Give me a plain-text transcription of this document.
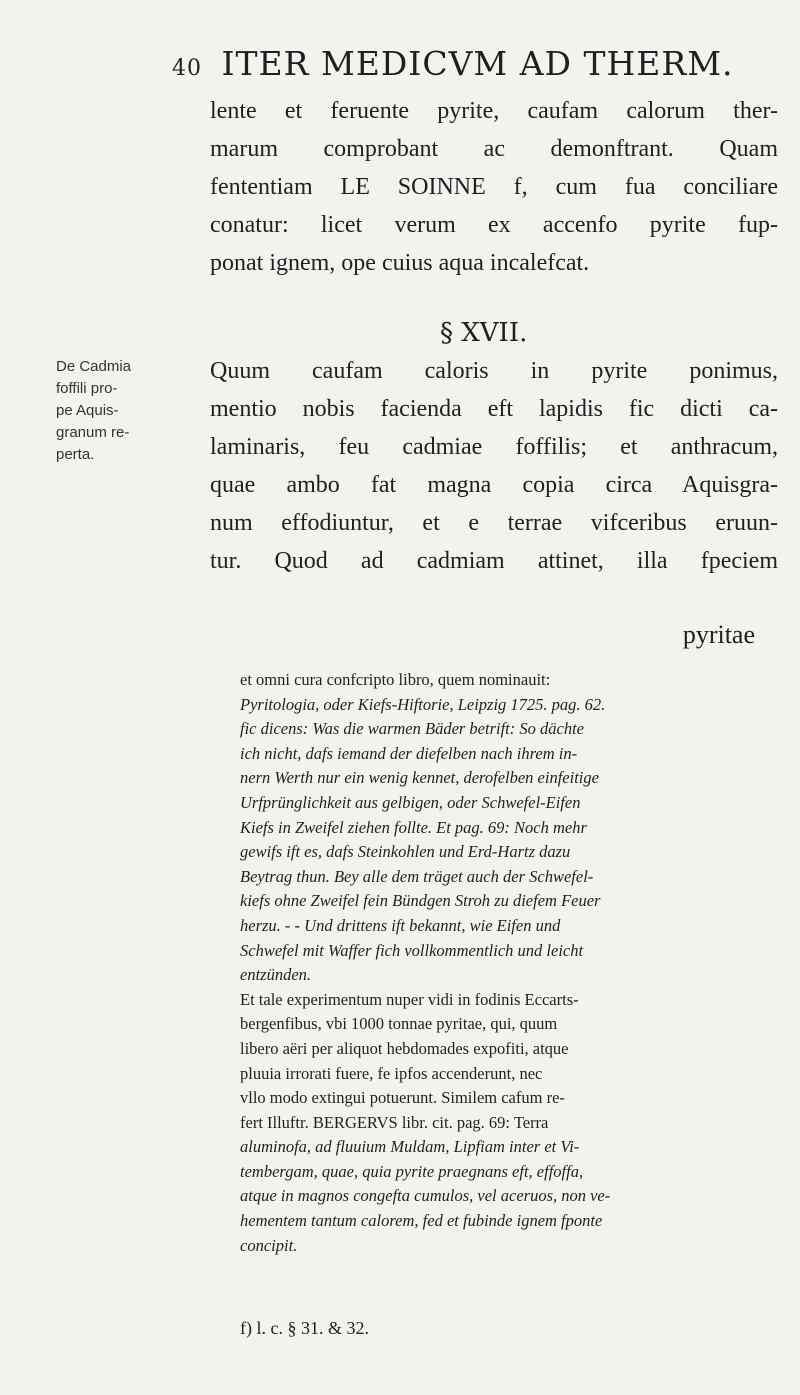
40 ITER MEDICVM AD THERM.
lente et feruente pyrite, caufam calorum ther-
marum comprobant ac demonftrant. Quam
fententiam LE SOINNE f, cum fua conciliare
conatur: licet verum ex accenfo pyrite fup-
ponat ignem, ope cuius aqua incalefcat.
§ XVII.
De Cadmia
foffili pro-
pe Aquis-
granum re-
perta.
Quum caufam caloris in pyrite ponimus,
mentio nobis facienda eft lapidis fic dicti ca-
laminaris, feu cadmiae foffilis; et anthracum,
quae ambo fat magna copia circa Aquisgra-
num effodiuntur, et e terrae vifceribus eruun-
tur. Quod ad cadmiam attinet, illa fpeciem
pyritae
et omni cura confcripto libro, quem nominauit:
Pyritologia, oder Kiefs-Hiftorie, Leipzig 1725. pag. 62.
fic dicens: Was die warmen Bäder betrift: So dächte
ich nicht, dafs iemand der diefelben nach ihrem in-
nern Werth nur ein wenig kennet, derofelben einfeitige
Urfprünglichkeit aus gelbigen, oder Schwefel-Eifen
Kiefs in Zweifel ziehen follte. Et pag. 69: Noch mehr
gewifs ift es, dafs Steinkohlen und Erd-Hartz dazu
Beytrag thun. Bey alle dem träget auch der Schwefel-
kiefs ohne Zweifel fein Bündgen Stroh zu diefem Feuer
herzu. - - Und drittens ift bekannt, wie Eifen und
Schwefel mit Waffer fich vollkommentlich und leicht
entzünden.
Et tale experimentum nuper vidi in fodinis Eccarts-
bergenfibus, vbi 1000 tonnae pyritae, qui, quum
libero aëri per aliquot hebdomades expofiti, atque
pluuia irrorati fuere, fe ipfos accenderunt, nec
vllo modo extingui potuerunt. Similem cafum re-
fert Illuftr. BERGERVS libr. cit. pag. 69: Terra
aluminofa, ad fluuium Muldam, Lipfiam inter et Vi-
tembergam, quae, quia pyrite praegnans eft, effoffa,
atque in magnos congefta cumulos, vel aceruos, non ve-
hementem tantum calorem, fed et fubinde ignem fponte
concipit.
f) l. c. § 31. & 32.
